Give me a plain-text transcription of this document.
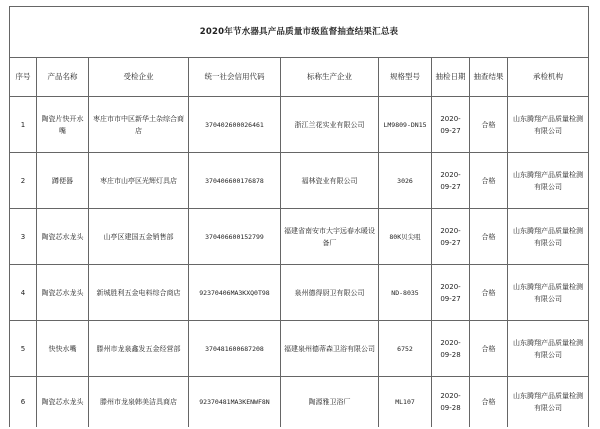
2020年节水器具产品质量市级监督抽查结果汇总表								
序号	产品名称	受检企业	统一社会信用代码	标称生产企业	规格型号	抽检日期	抽查结果	承检机构
1	陶瓷片快开水嘴	枣庄市市中区新华土杂综合商店	370402600026461	浙江兰花实业有限公司	LM9809-DN15	2020-09-27	合格	山东腾翔产品质量检测有限公司
2	蹲便器	枣庄市山亭区光辉灯具店	370406600176878	福林瓷业有限公司	3026	2020-09-27	合格	山东腾翔产品质量检测有限公司
3	陶瓷芯水龙头	山亭区建国五金销售部	370406600152799	福建省南安市大宇远春水暖设备厂	80K贝尖咀	2020-09-27	合格	山东腾翔产品质量检测有限公司
4	陶瓷芯水龙头	新城胜利五金电料综合商店	92370406MA3KXQ0T98	泉州德得厨卫有限公司	ND-8035	2020-09-27	合格	山东腾翔产品质量检测有限公司
5	快快水嘴	滕州市龙泉鑫发五金经营部	370481600687208	福建泉州德蒂森卫浴有限公司	6752	2020-09-28	合格	山东腾翔产品质量检测有限公司
6	陶瓷芯水龙头	滕州市龙泉韩美洁具商店	92370481MA3KENWF8N	陶源雅卫浴厂	ML107	2020-09-28	合格	山东腾翔产品质量检测有限公司
